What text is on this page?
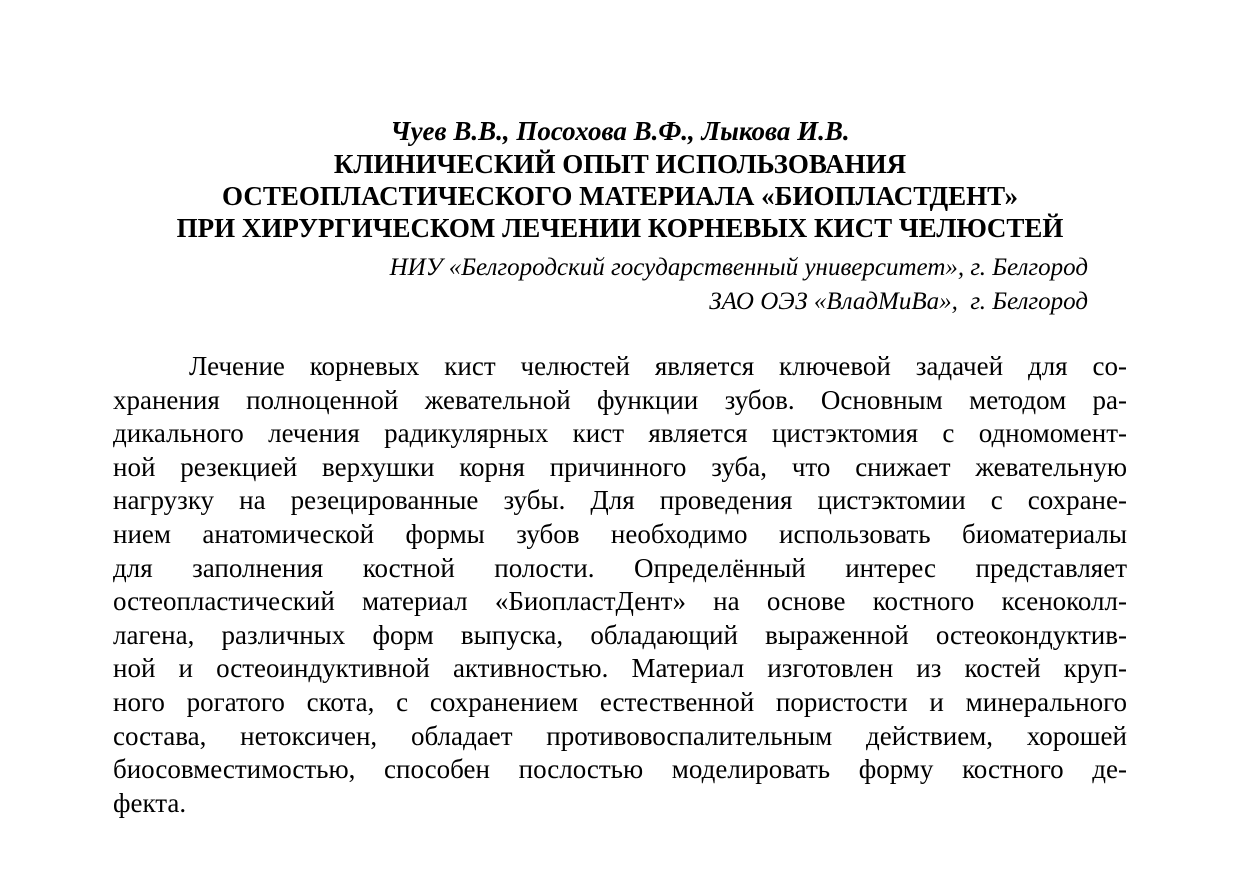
Чуев В.В., Посохова В.Ф., Лыкова И.В.
КЛИНИЧЕСКИЙ ОПЫТ ИСПОЛЬЗОВАНИЯ
ОСТЕОПЛАСТИЧЕСКОГО МАТЕРИАЛА «БИОПЛАСТДЕНТ»
ПРИ ХИРУРГИЧЕСКОМ ЛЕЧЕНИИ КОРНЕВЫХ КИСТ ЧЕЛЮСТЕЙ
НИУ «Белгородский государственный университет», г. Белгород
ЗАО ОЭЗ «ВладМиВа»,  г. Белгород
Лечение корневых кист челюстей является ключевой задачей для со-
хранения полноценной жевательной функции зубов. Основным методом ра-
дикального лечения радикулярных кист является цистэктомия с одномомент-
ной резекцией верхушки корня причинного зуба, что снижает жевательную
нагрузку на резецированные зубы. Для проведения цистэктомии с сохране-
нием анатомической формы зубов необходимо использовать биоматериалы
для заполнения костной полости. Определённый интерес представляет
остеопластический материал «БиопластДент» на основе костного ксеноколл-
лагена, различных форм выпуска, обладающий выраженной остеокондуктив-
ной и остеоиндуктивной активностью. Материал изготовлен из костей круп-
ного рогатого скота, с сохранением естественной пористости и минерального
состава, нетоксичен, обладает противовоспалительным действием, хорошей
биосовместимостью, способен послостью моделировать форму костного де-
фекта.
